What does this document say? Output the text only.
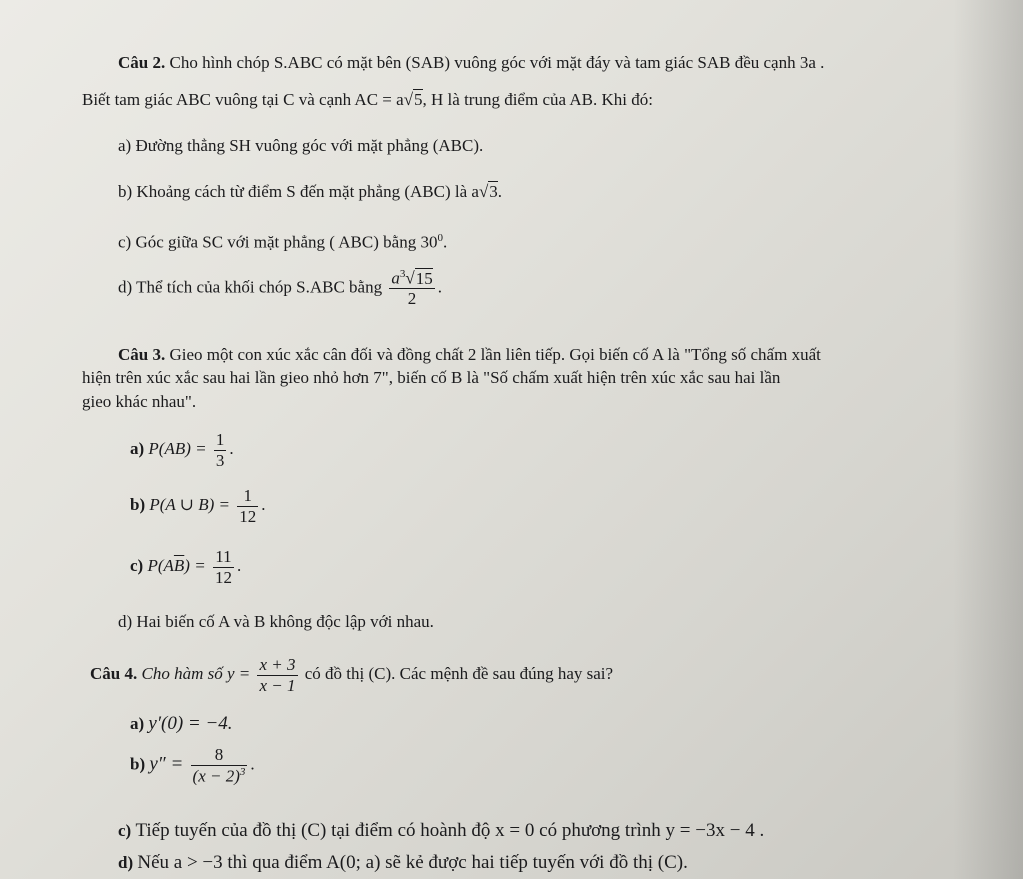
Câu 2. Cho hình chóp S.ABC có mặt bên (SAB) vuông góc với mặt đáy và tam giác SAB đều cạnh 3a .
Biết tam giác ABC vuông tại C và cạnh AC = a√5, H là trung điểm của AB. Khi đó:
a) Đường thẳng SH vuông góc với mặt phẳng (ABC).
b) Khoảng cách từ điểm S đến mặt phẳng (ABC) là a√3.
c) Góc giữa SC với mặt phẳng ( ABC) bằng $30^0$.
d) Thể tích của khối chóp S.ABC bằng $\frac{a^3√15}{2}$ .
Câu 3. Gieo một con xúc xắc cân đối và đồng chất 2 lần liên tiếp. Gọi biến cố A là "Tổng số chấm xuất
hiện trên xúc xắc sau hai lần gieo nhỏ hơn 7", biến cố B là "Số chấm xuất hiện trên xúc xắc sau hai lần
gieo khác nhau".
a) $P(AB) = \frac{1}{3}$ .
b) P(A ∪ $B) = \frac{1}{12}$ .
c) $P(A\overline{B}) = \frac{11}{12}$ .
d) Hai biến cố A và B không độc lập với nhau.
Câu 4. Cho hàm số $y = \frac{x + 3}{x - 1}$ có đồ thị (C). Các mệnh đề sau đúng hay sai?
a) y′(0) = −4.
b) $y'' = \frac{8}{(x - 2)^3}$ .
c) Tiếp tuyến của đồ thị (C) tại điểm có hoành độ x = 0 có phương trình y = −3x − 4 .
d) Nếu a > −3 thì qua điểm A(0; a) sẽ kẻ được hai tiếp tuyến với đồ thị (C).
